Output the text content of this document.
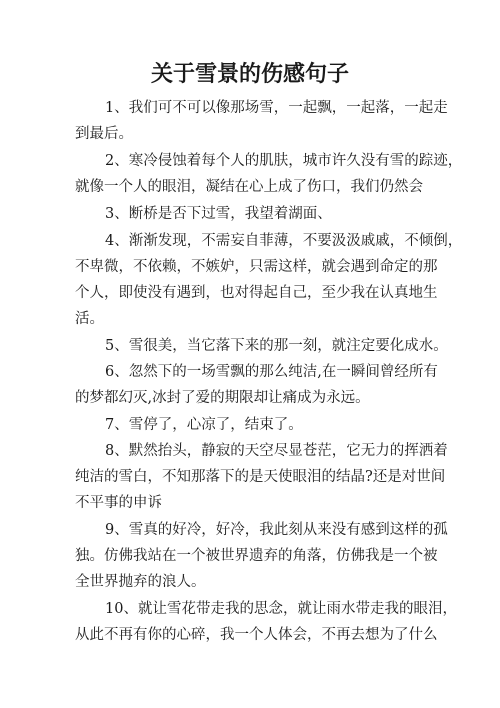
关于雪景的伤感句子
1、我们可不可以像那场雪，一起飘，一起落，一起走
到最后。
2、寒冷侵蚀着每个人的肌肤，城市许久没有雪的踪迹，
就像一个人的眼泪，凝结在心上成了伤口，我们仍然会
3、断桥是否下过雪，我望着湖面、
4、渐渐发现，不需妄自菲薄，不要汲汲戚戚，不倾倒，
不卑微，不依赖，不嫉妒，只需这样，就会遇到命定的那
个人，即使没有遇到，也对得起自己，至少我在认真地生
活。
5、雪很美，当它落下来的那一刻，就注定要化成水。
6、忽然下的一场雪飘的那么纯洁,在一瞬间曾经所有
的梦都幻灭,冰封了爱的期限却让痛成为永远。
7、雪停了，心凉了，结束了。
8、默然抬头，静寂的天空尽显苍茫，它无力的挥洒着
纯洁的雪白，不知那落下的是天使眼泪的结晶?还是对世间
不平事的申诉
9、雪真的好冷，好冷，我此刻从来没有感到这样的孤
独。仿佛我站在一个被世界遗弃的角落，仿佛我是一个被
全世界抛弃的浪人。
10、就让雪花带走我的思念，就让雨水带走我的眼泪，
从此不再有你的心碎，我一个人体会，不再去想为了什么
